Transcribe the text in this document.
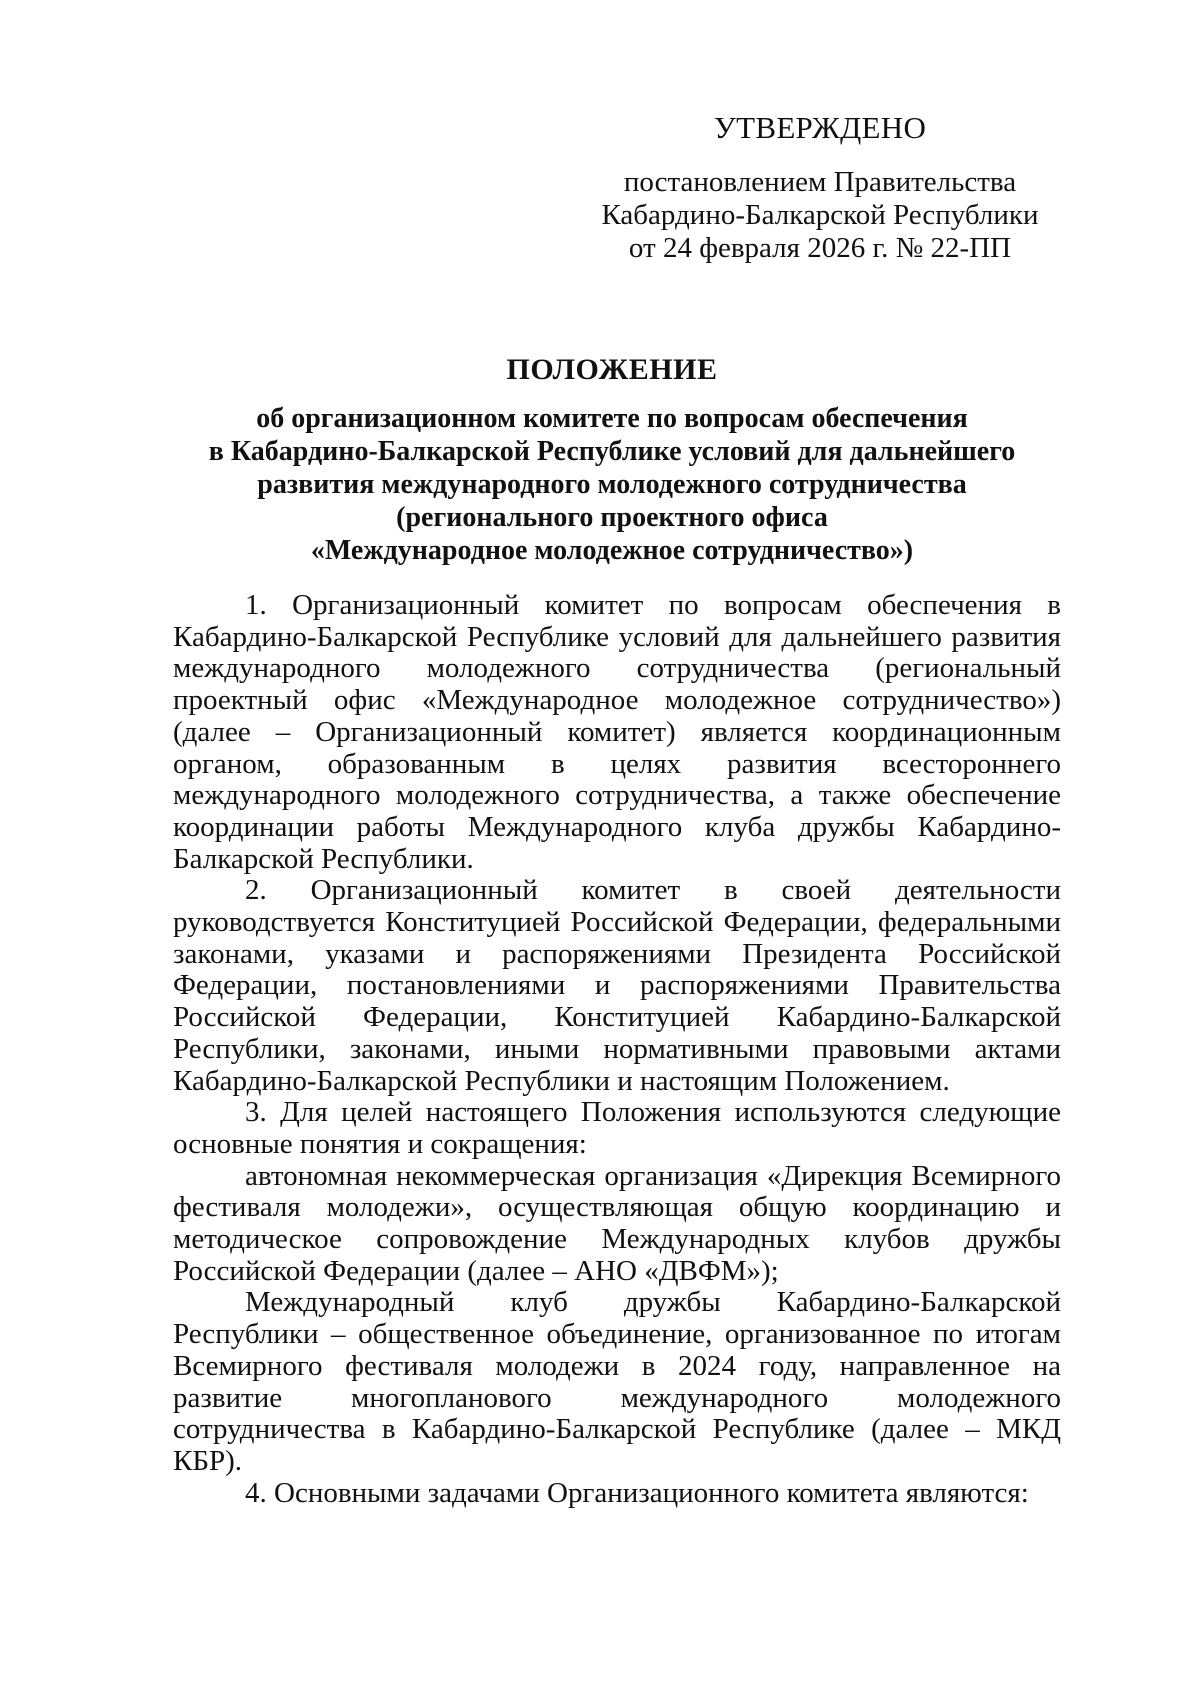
УТВЕРЖДЕНО
постановлением Правительства
Кабардино-Балкарской Республики
от 24 февраля 2026 г. № 22-ПП
ПОЛОЖЕНИЕ
об организационном комитете по вопросам обеспечения
в Кабардино-Балкарской Республике условий для дальнейшего
развития международного молодежного сотрудничества
(регионального проектного офиса
«Международное молодежное сотрудничество»)

1. Организационный комитет по вопросам обеспечения в Кабардино-Балкарской Республике условий для дальнейшего развития международного молодежного сотрудничества (региональный проектный офис «Международное молодежное сотрудничество») (далее – Организационный комитет) является координационным органом, образованным в целях развития всестороннего международного молодежного сотрудничества, а также обеспечение координации работы Международного клуба дружбы Кабардино-Балкарской Республики.

2. Организационный комитет в своей деятельности руководствуется Конституцией Российской Федерации, федеральными законами, указами и распоряжениями Президента Российской Федерации, постановлениями и распоряжениями Правительства Российской Федерации, Конституцией Кабардино-Балкарской Республики, законами, иными нормативными правовыми актами Кабардино-Балкарской Республики и настоящим Положением.

3. Для целей настоящего Положения используются следующие основные понятия и сокращения:

автономная некоммерческая организация «Дирекция Всемирного фестиваля молодежи», осуществляющая общую координацию и методическое сопровождение Международных клубов дружбы Российской Федерации (далее – АНО «ДВФМ»);

Международный клуб дружбы Кабардино-Балкарской Республики – общественное объединение, организованное по итогам Всемирного фестиваля молодежи в 2024 году, направленное на развитие многопланового международного молодежного сотрудничества в Кабардино-Балкарской Республике (далее – МКД КБР).

4. Основными задачами Организационного комитета являются:
